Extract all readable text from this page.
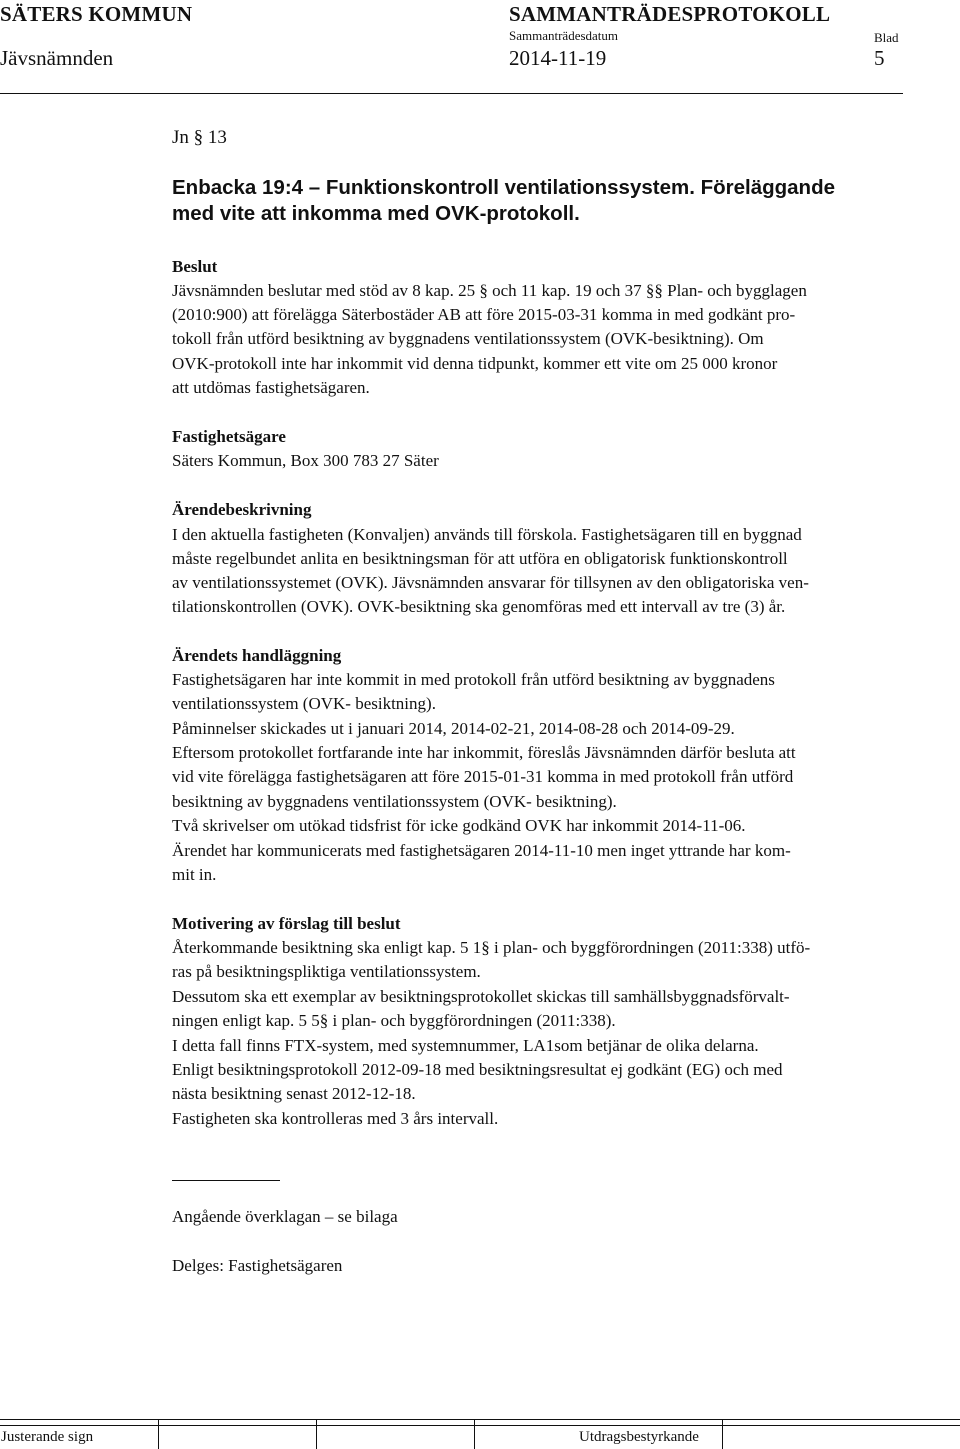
SÄTERS KOMMUN	SAMMANTRÄDESPROTOKOLL
Sammanträdesdatum	Blad
Jävsnämnden	2014-11-19	5
Jn § 13
Enbacka 19:4 – Funktionskontroll ventilationssystem. Föreläggande
med vite att inkomma med OVK-protokoll.
Beslut
Jävsnämnden beslutar med stöd av 8 kap. 25 § och 11 kap. 19 och 37 §§ Plan- och bygglagen
(2010:900) att förelägga Säterbostäder AB att före 2015-03-31 komma in med godkänt pro-
tokoll från utförd besiktning av byggnadens ventilationssystem (OVK-besiktning). Om
OVK-protokoll inte har inkommit vid denna tidpunkt, kommer ett vite om 25 000 kronor
att utdömas fastighetsägaren.
Fastighetsägare
Säters Kommun, Box 300 783 27 Säter
Ärendebeskrivning
I den aktuella fastigheten (Konvaljen) används till förskola. Fastighetsägaren till en byggnad
måste regelbundet anlita en besiktningsman för att utföra en obligatorisk funktionskontroll
av ventilationssystemet (OVK). Jävsnämnden ansvarar för tillsynen av den obligatoriska ven-
tilationskontrollen (OVK). OVK-besiktning ska genomföras med ett intervall av tre (3) år.
Ärendets handläggning
Fastighetsägaren har inte kommit in med protokoll från utförd besiktning av byggnadens
ventilationssystem (OVK- besiktning).
Påminnelser skickades ut i januari 2014, 2014-02-21, 2014-08-28 och 2014-09-29.
Eftersom protokollet fortfarande inte har inkommit, föreslås Jävsnämnden därför besluta att
vid vite förelägga fastighetsägaren att före 2015-01-31 komma in med protokoll från utförd
besiktning av byggnadens ventilationssystem (OVK- besiktning).
Två skrivelser om utökad tidsfrist för icke godkänd OVK har inkommit 2014-11-06.
Ärendet har kommunicerats med fastighetsägaren 2014-11-10 men inget yttrande har kom-
mit in.
Motivering av förslag till beslut
Återkommande besiktning ska enligt kap. 5 1§ i plan- och byggförordningen (2011:338) utfö-
ras på besiktningspliktiga ventilationssystem.
Dessutom ska ett exemplar av besiktningsprotokollet skickas till samhällsbyggnadsförvalt-
ningen enligt kap. 5 5§ i plan- och byggförordningen (2011:338).
I detta fall finns FTX-system, med systemnummer, LA1som betjänar de olika delarna.
Enligt besiktningsprotokoll 2012-09-18 med besiktningsresultat ej godkänt (EG) och med
nästa besiktning senast 2012-12-18.
Fastigheten ska kontrolleras med 3 års intervall.
Angående överklagan – se bilaga
Delges: Fastighetsägaren
Justerande sign	Utdragsbestyrkande
